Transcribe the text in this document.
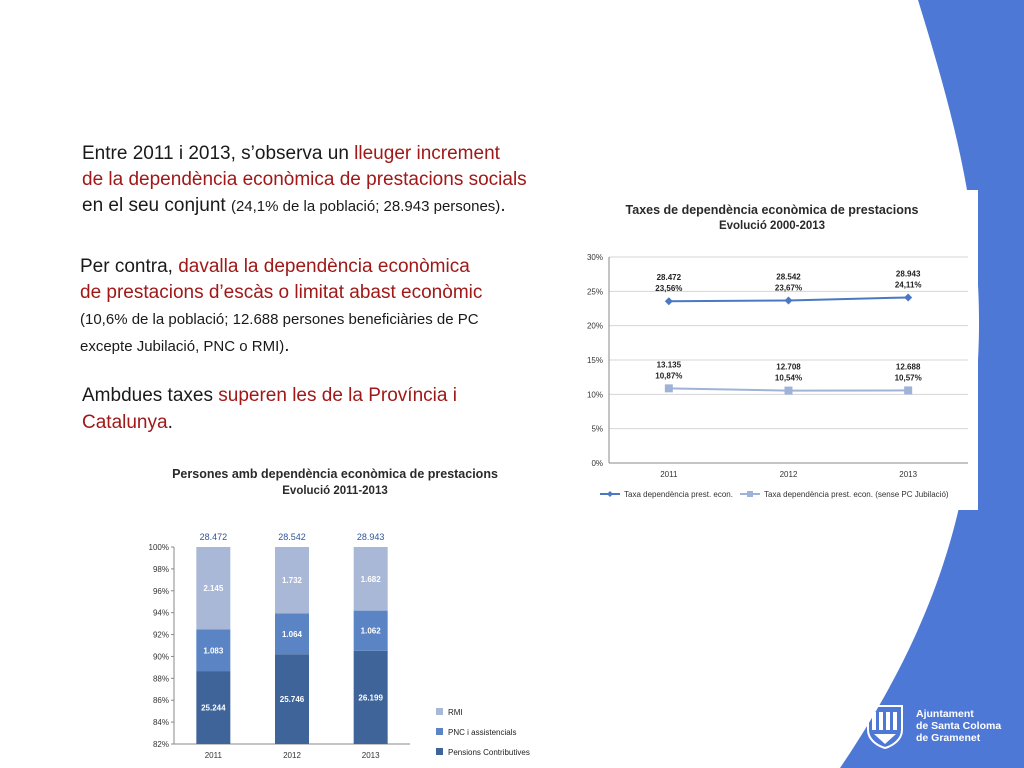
Entre 2011 i 2013, s’observa un lleuger increment
de la dependència econòmica de prestacions socials
en el seu conjunt (24,1% de la població; 28.943 persones).
Per contra, davalla la dependència econòmica
de prestacions d’escàs o limitat abast econòmic
(10,6% de la població; 12.688 persones beneficiàries de PC
excepte Jubilació, PNC o RMI).
Ambdues taxes superen les de la Província i
Catalunya.
Taxes de dependència econòmica de prestacions
Evolució 2000-2013
0%
5%
10%
15%
20%
25%
30%
2011	2012	2013
28.472
23,56%
28.542
23,67%
28.943
24,11%
13.135
10,87%
12.708
10,54%
12.688
10,57%
Taxa dependència prest. econ.	Taxa dependència prest. econ. (sense PC Jubilació)
Persones amb dependència econòmica de prestacions
Evolució 2011-2013
82%
84%
86%
88%
90%
92%
94%
96%
98%
100%
25.244
1.083
2.145
28.472
2011
25.746
1.064
1.732
28.542
2012
26.199
1.062
1.682
28.943
2013
RMI
PNC i assistencials
Pensions Contributives
Ajuntament
de Santa Coloma
de Gramenet
